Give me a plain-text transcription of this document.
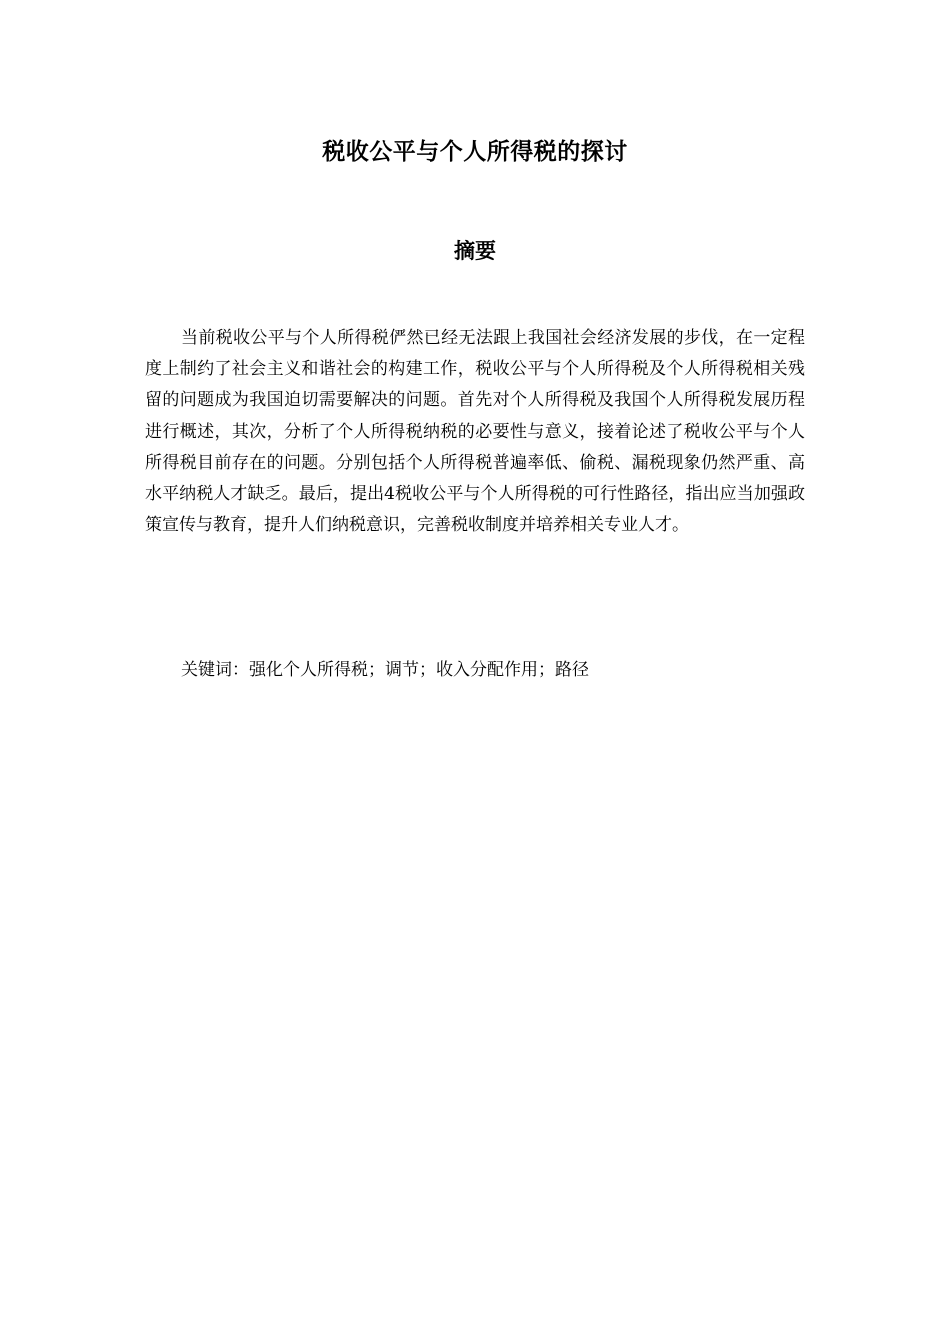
税收公平与个人所得税的探讨
摘要

当前税收公平与个人所得税俨然已经无法跟上我国社会经济发展的步伐，在一定程度上制约了社会主义和谐社会的构建工作，税收公平与个人所得税及个人所得税相关残留的问题成为我国迫切需要解决的问题。首先对个人所得税及我国个人所得税发展历程进行概述，其次，分析了个人所得税纳税的必要性与意义，接着论述了税收公平与个人所得税目前存在的问题。分别包括个人所得税普遍率低、偷税、漏税现象仍然严重、高水平纳税人才缺乏。最后，提出4税收公平与个人所得税的可行性路径，指出应当加强政策宣传与教育，提升人们纳税意识，完善税收制度并培养相关专业人才。

关键词：强化个人所得税；调节；收入分配作用；路径
